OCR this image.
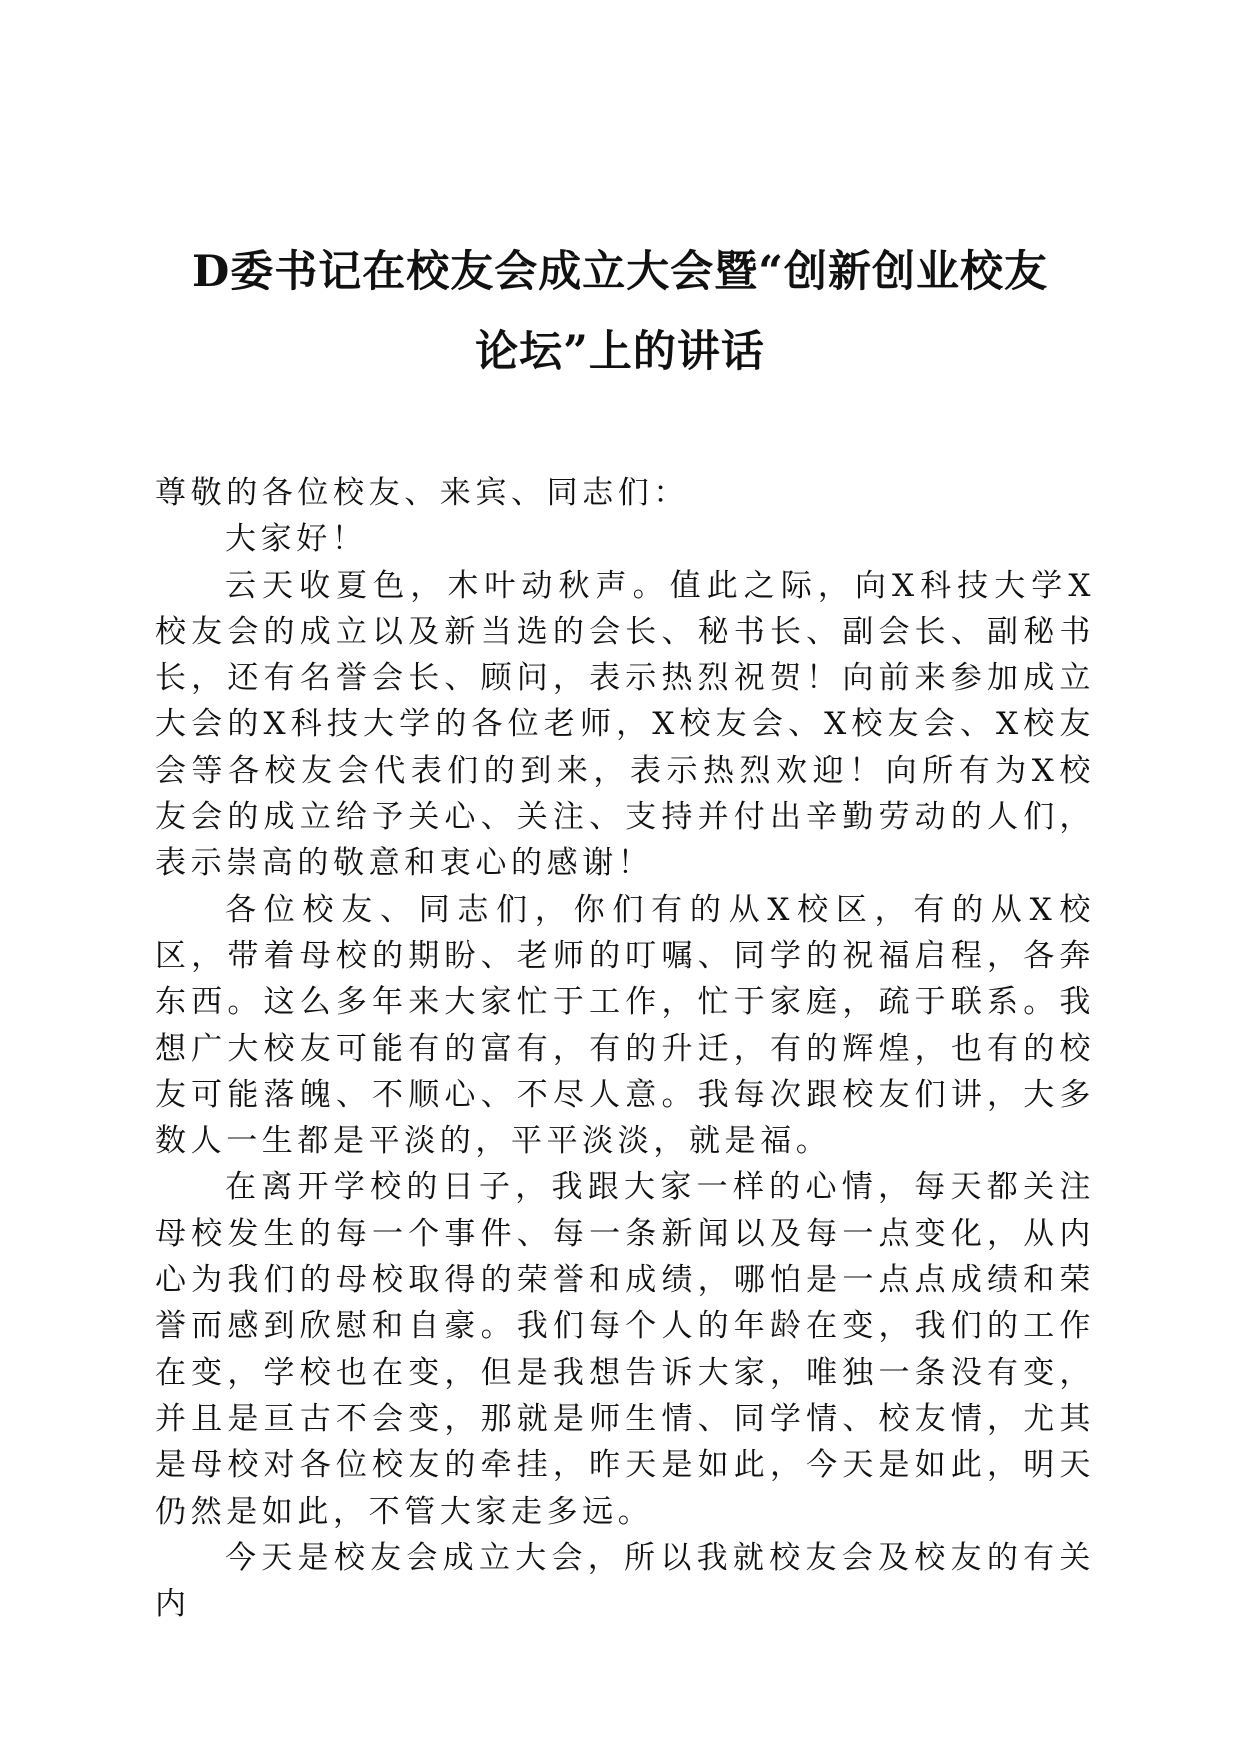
D委书记在校友会成立大会暨“创新创业校友
论坛”上的讲话

尊敬的各位校友、来宾、同志们：

大家好！

云天收夏色，木叶动秋声。值此之际，向X科技大学X校友会的成立以及新当选的会长、秘书长、副会长、副秘书长，还有名誉会长、顾问，表示热烈祝贺！向前来参加成立大会的X科技大学的各位老师，X校友会、X校友会、X校友会等各校友会代表们的到来，表示热烈欢迎！向所有为X校友会的成立给予关心、关注、支持并付出辛勤劳动的人们，表示崇高的敬意和衷心的感谢！

各位校友、同志们，你们有的从X校区，有的从X校区，带着母校的期盼、老师的叮嘱、同学的祝福启程，各奔东西。这么多年来大家忙于工作，忙于家庭，疏于联系。我想广大校友可能有的富有，有的升迁，有的辉煌，也有的校友可能落魄、不顺心、不尽人意。我每次跟校友们讲，大多数人一生都是平淡的，平平淡淡，就是福。

在离开学校的日子，我跟大家一样的心情，每天都关注母校发生的每一个事件、每一条新闻以及每一点变化，从内心为我们的母校取得的荣誉和成绩，哪怕是一点点成绩和荣誉而感到欣慰和自豪。我们每个人的年龄在变，我们的工作在变，学校也在变，但是我想告诉大家，唯独一条没有变，并且是亘古不会变，那就是师生情、同学情、校友情，尤其是母校对各位校友的牵挂，昨天是如此，今天是如此，明天仍然是如此，不管大家走多远。

今天是校友会成立大会，所以我就校友会及校友的有关内
